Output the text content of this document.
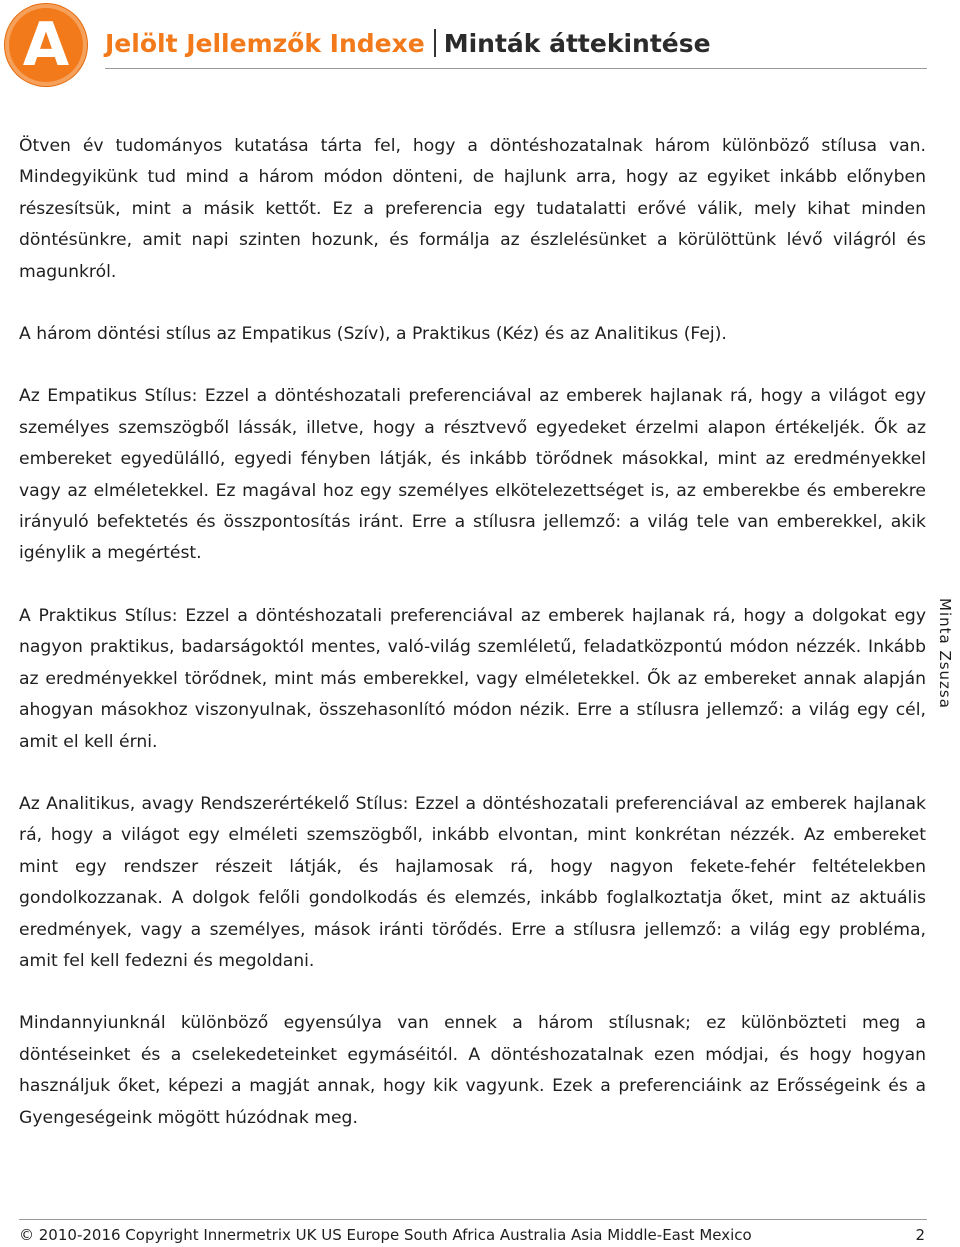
A Jelölt Jellemzők Indexe Minták áttekintése

Ötven év tudományos kutatása tárta fel, hogy a döntéshozatalnak három különböző stílusa van. Mindegyikünk tud mind a három módon dönteni, de hajlunk arra, hogy az egyiket inkább előnyben részesítsük, mint a másik kettőt. Ez a preferencia egy tudatalatti erővé válik, mely kihat minden döntésünkre, amit napi szinten hozunk, és formálja az észlelésünket a körülöttünk lévő világról és magunkról.

A három döntési stílus az Empatikus (Szív), a Praktikus (Kéz) és az Analitikus (Fej).

Az Empatikus Stílus: Ezzel a döntéshozatali preferenciával az emberek hajlanak rá, hogy a világot egy személyes szemszögből lássák, illetve, hogy a résztvevő egyedeket érzelmi alapon értékeljék. Ők az embereket egyedülálló, egyedi fényben látják, és inkább törődnek másokkal, mint az eredményekkel vagy az elméletekkel. Ez magával hoz egy személyes elkötelezettséget is, az emberekbe és emberekre irányuló befektetés és összpontosítás iránt. Erre a stílusra jellemző: a világ tele van emberekkel, akik igénylik a megértést.

A Praktikus Stílus: Ezzel a döntéshozatali preferenciával az emberek hajlanak rá, hogy a dolgokat egy nagyon praktikus, badarságoktól mentes, való-világ szemléletű, feladatközpontú módon nézzék. Inkább az eredményekkel törődnek, mint más emberekkel, vagy elméletekkel. Ők az embereket annak alapján ahogyan másokhoz viszonyulnak, összehasonlító módon nézik. Erre a stílusra jellemző: a világ egy cél, amit el kell érni.

Az Analitikus, avagy Rendszerértékelő Stílus: Ezzel a döntéshozatali preferenciával az emberek hajlanak rá, hogy a világot egy elméleti szemszögből, inkább elvontan, mint konkrétan nézzék. Az embereket mint egy rendszer részeit látják, és hajlamosak rá, hogy nagyon fekete-fehér feltételekben gondolkozzanak. A dolgok felőli gondolkodás és elemzés, inkább foglalkoztatja őket, mint az aktuális eredmények, vagy a személyes, mások iránti törődés. Erre a stílusra jellemző: a világ egy probléma, amit fel kell fedezni és megoldani.

Mindannyiunknál különböző egyensúlya van ennek a három stílusnak; ez különbözteti meg a döntéseinket és a cselekedeteinket egymáséitól. A döntéshozatalnak ezen módjai, és hogy hogyan használjuk őket, képezi a magját annak, hogy kik vagyunk. Ezek a preferenciáink az Erősségeink és a Gyengeségeink mögött húzódnak meg.

Minta Zsuzsa
© 2010-2016 Copyright Innermetrix UK US Europe South Africa Australia Asia Middle-East Mexico	2
